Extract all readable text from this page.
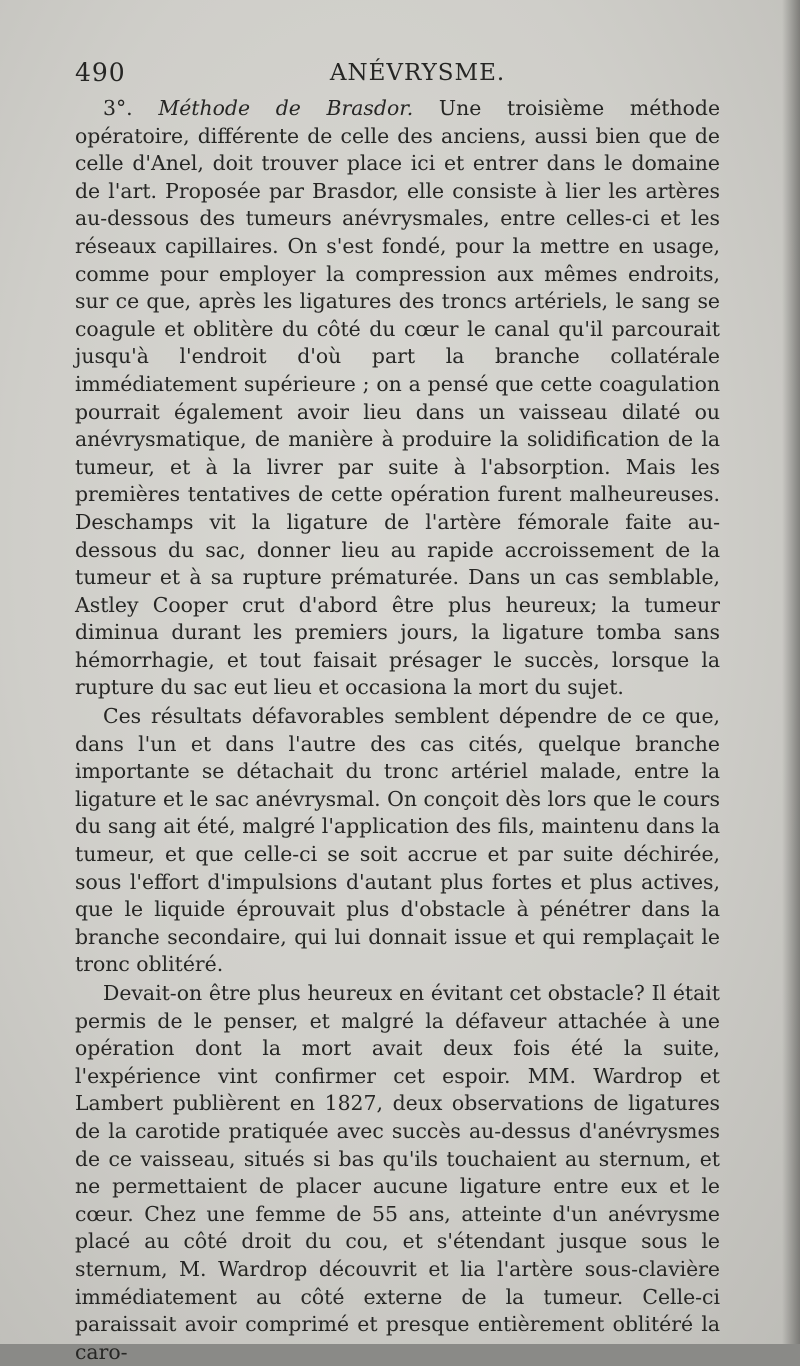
490	ANÉVRYSME.

3°. Méthode de Brasdor. Une troisième méthode opératoire, différente de celle des anciens, aussi bien que de celle d'Anel, doit trouver place ici et entrer dans le domaine de l'art. Proposée par Brasdor, elle consiste à lier les artères au-dessous des tumeurs anévrysmales, entre celles-ci et les réseaux capillaires. On s'est fondé, pour la mettre en usage, comme pour employer la compression aux mêmes endroits, sur ce que, après les ligatures des troncs artériels, le sang se coagule et oblitère du côté du cœur le canal qu'il parcourait jusqu'à l'endroit d'où part la branche collatérale immédiatement supérieure ; on a pensé que cette coagulation pourrait également avoir lieu dans un vaisseau dilaté ou anévrysmatique, de manière à produire la solidification de la tumeur, et à la livrer par suite à l'absorption. Mais les premières tentatives de cette opération furent malheureuses. Deschamps vit la ligature de l'artère fémorale faite au-dessous du sac, donner lieu au rapide accroissement de la tumeur et à sa rupture prématurée. Dans un cas semblable, Astley Cooper crut d'abord être plus heureux; la tumeur diminua durant les premiers jours, la ligature tomba sans hémorrhagie, et tout faisait présager le succès, lorsque la rupture du sac eut lieu et occasiona la mort du sujet.

Ces résultats défavorables semblent dépendre de ce que, dans l'un et dans l'autre des cas cités, quelque branche importante se détachait du tronc artériel malade, entre la ligature et le sac anévrysmal. On conçoit dès lors que le cours du sang ait été, malgré l'application des fils, maintenu dans la tumeur, et que celle-ci se soit accrue et par suite déchirée, sous l'effort d'impulsions d'autant plus fortes et plus actives, que le liquide éprouvait plus d'obstacle à pénétrer dans la branche secondaire, qui lui donnait issue et qui remplaçait le tronc oblitéré.

Devait-on être plus heureux en évitant cet obstacle? Il était permis de le penser, et malgré la défaveur attachée à une opération dont la mort avait deux fois été la suite, l'expérience vint confirmer cet espoir. MM. Wardrop et Lambert publièrent en 1827, deux observations de ligatures de la carotide pratiquée avec succès au-dessus d'anévrysmes de ce vaisseau, situés si bas qu'ils touchaient au sternum, et ne permettaient de placer aucune ligature entre eux et le cœur. Chez une femme de 55 ans, atteinte d'un anévrysme placé au côté droit du cou, et s'étendant jusque sous le sternum, M. Wardrop découvrit et lia l'artère sous-clavière immédiatement au côté externe de la tumeur. Celle-ci paraissait avoir comprimé et presque entièrement oblitéré la caro-
